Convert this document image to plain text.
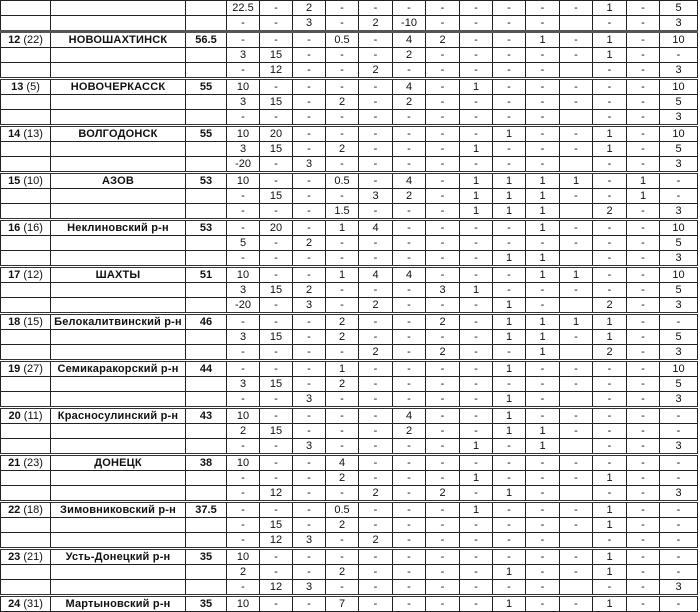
			22.5	-	2	-	-	-	-	-	-	-	-	1	-	5
			-	-	3	-	2	-10	-	-	-	-		-	-	3
12 (22)	НОВОШАХТИНСК	56.5	-	-	-	0.5	-	4	2	-	-	1	-	1	-	10
			3	15	-	-	-	2	-	-	-	-	-	1	-	-
			-	12	-	-	2	-	-	-	-	-		-	-	3
13 (5)	НОВОЧЕРКАССК	55	10	-	-	-	-	4	-	1	-	-	-	-	-	10
			3	15	-	2	-	2	-	-	-	-	-	-	-	5
			-	-	-	-	-	-	-	-	-	-		-	-	3
14 (13)	ВОЛГОДОНСК	55	10	20	-	-	-	-	-	-	1	-	-	1	-	10
			3	15	-	2	-	-	-	1	-	-	-	1	-	5
			-20	-	3	-	-	-	-	-	-	-		-	-	3
15 (10)	АЗОВ	53	10	-	-	0.5	-	4	-	1	1	1	1	-	1	-
			-	15	-	-	3	2	-	1	1	1	-	-	1	-
			-	-	-	1.5	-	-	-	1	1	1		2	-	3
16 (16)	Неклиновский р-н	53	-	20	-	1	4	-	-	-	-	1	-	-	-	10
			5	-	2	-	-	-	-	-	-	-	-	-	-	5
			-	-	-	-	-	-	-	-	1	1		-	-	3
17 (12)	ШАХТЫ	51	10	-	-	1	4	4	-	-	-	1	1	-	-	10
			3	15	2	-	-	-	3	1	-	-	-	-	-	5
			-20	-	3	-	2	-	-	-	1	-		2	-	3
18 (15)	Белокалитвинский р-н	46	-	-	-	2	-	-	2	-	1	1	1	1	-	-
			3	15	-	2	-	-	-	-	1	1	-	1	-	5
			-	-	-	-	2	-	2	-	-	1		2	-	3
19 (27)	Семикаракорский р-н	44	-	-	-	1	-	-	-	-	1	-	-	-	-	10
			3	15	-	2	-	-	-	-	-	-	-	-	-	5
			-	-	3	-	-	-	-	-	1	-		-	-	3
20 (11)	Красносулинский р-н	43	10	-	-	-	-	4	-	-	1	-	-	-	-	-
			2	15	-	-	-	2	-	-	1	1	-	-	-	-
			-	-	3	-	-	-	-	1	-	1		-	-	3
21 (23)	ДОНЕЦК	38	10	-	-	4	-	-	-	-	-	-	-	-	-	-
			-	-	-	2	-	-	-	1	-	-	-	1	-	-
			-	12	-	-	2	-	2	-	1	-		-	-	3
22 (18)	Зимовниковский р-н	37.5	-	-	-	0.5	-	-	-	1	-	-	-	1	-	-
			-	15	-	2	-	-	-	-	-	-	-	1	-	-
			-	12	3	-	2	-	-	-	-	-		-	-	-
23 (21)	Усть-Донецкий р-н	35	10	-	-	-	-	-	-	-	-	-	-	1	-	-
			2	-	-	2	-	-	-	-	1	-	-	1	-	-
			-	12	3	-	-	-	-	-	-	-		-	-	3
24 (31)	Мартыновский р-н	35	10	-	-	7	-	-	-	-	1	-	-	1	-	-
